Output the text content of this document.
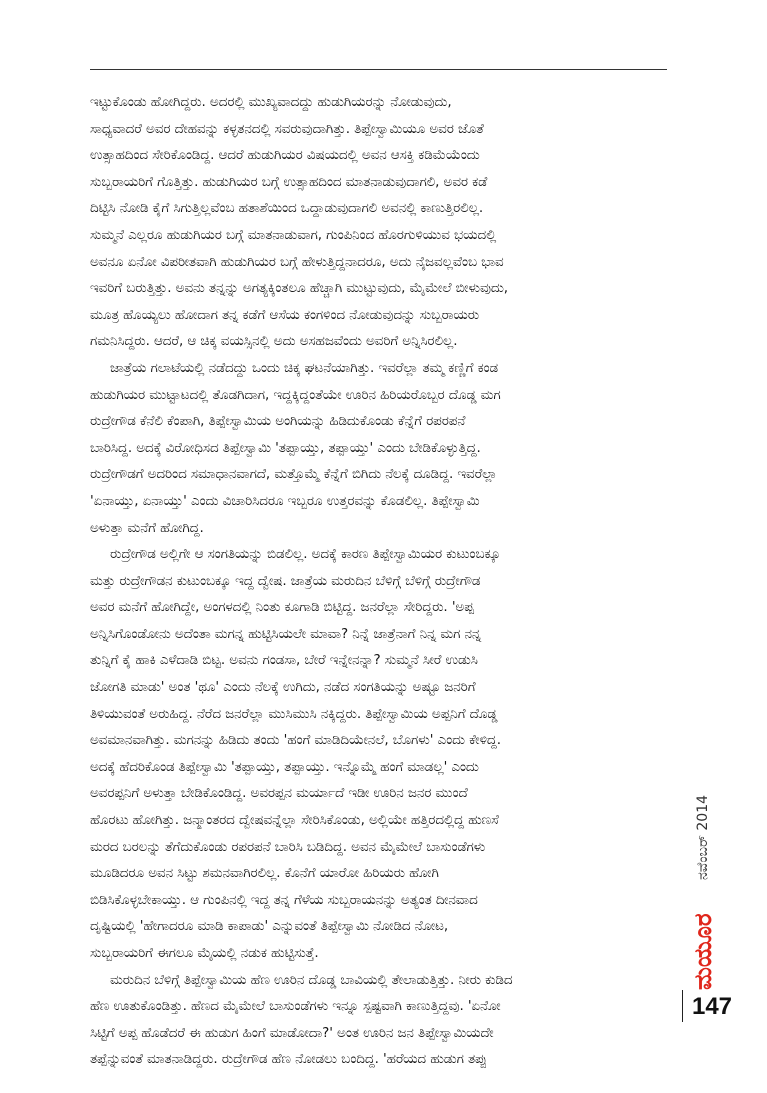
ಇಟ್ಟುಕೊಂಡು ಹೋಗಿದ್ದರು. ಅದರಲ್ಲಿ ಮುಖ್ಯವಾದದ್ದು ಹುಡುಗಿಯರನ್ನು ನೋಡುವುದು,
ಸಾಧ್ಯವಾದರೆ ಅವರ ದೇಹವನ್ನು ಕಳ್ಳತನದಲ್ಲಿ ಸವರುವುದಾಗಿತ್ತು. ತಿಪ್ಪೇಸ್ವಾಮಿಯೂ ಅವರ ಜೊತೆ
ಉತ್ಸಾಹದಿಂದ ಸೇರಿಕೊಂಡಿದ್ದ. ಆದರೆ ಹುಡುಗಿಯರ ವಿಷಯದಲ್ಲಿ ಅವನ ಆಸಕ್ತಿ ಕಡಿಮೆಯೆಂದು
ಸುಬ್ಬರಾಯರಿಗೆ ಗೊತ್ತಿತ್ತು. ಹುಡುಗಿಯರ ಬಗ್ಗೆ ಉತ್ಸಾಹದಿಂದ ಮಾತನಾಡುವುದಾಗಲಿ, ಅವರ ಕಡೆ
ದಿಟ್ಟಿಸಿ ನೋಡಿ ಕೈಗೆ ಸಿಗುತ್ತಿಲ್ಲವೆಂಬ ಹತಾಶೆಯಿಂದ ಒದ್ದಾಡುವುದಾಗಲಿ ಅವನಲ್ಲಿ ಕಾಣುತ್ತಿರಲಿಲ್ಲ.
ಸುಮ್ಮನೆ ಎಲ್ಲರೂ ಹುಡುಗಿಯರ ಬಗ್ಗೆ ಮಾತನಾಡುವಾಗ, ಗುಂಪಿನಿಂದ ಹೊರಗುಳಿಯುವ ಭಯದಲ್ಲಿ
ಅವನೂ ಏನೋ ವಿಪರೀತವಾಗಿ ಹುಡುಗಿಯರ ಬಗ್ಗೆ ಹೇಳುತ್ತಿದ್ದನಾದರೂ, ಅದು ನೈಜವಲ್ಲವೆಂಬ ಭಾವ
ಇವರಿಗೆ ಬರುತ್ತಿತ್ತು. ಅವನು ತನ್ನನ್ನು ಅಗತ್ಯಕ್ಕಿಂತಲೂ ಹೆಚ್ಚಾಗಿ ಮುಟ್ಟುವುದು, ಮೈಮೇಲೆ ಬೀಳುವುದು,
ಮೂತ್ರ ಹೊಯ್ಯಲು ಹೋದಾಗ ತನ್ನ ಕಡೆಗೆ ಆಸೆಯ ಕಂಗಳಿಂದ ನೋಡುವುದನ್ನು ಸುಬ್ಬರಾಯರು
ಗಮನಿಸಿದ್ದರು. ಆದರೆ, ಆ ಚಿಕ್ಕ ವಯಸ್ಸಿನಲ್ಲಿ ಅದು ಅಸಹಜವೆಂದು ಅವರಿಗೆ ಅನ್ನಿಸಿರಲಿಲ್ಲ.
ಜಾತ್ರೆಯ ಗಲಾಟೆಯಲ್ಲಿ ನಡೆದದ್ದು ಒಂದು ಚಿಕ್ಕ ಘಟನೆಯಾಗಿತ್ತು. ಇವರೆಲ್ಲಾ ತಮ್ಮ ಕಣ್ಣಿಗೆ ಕಂಡ
ಹುಡುಗಿಯರ ಮುಟ್ಟಾಟದಲ್ಲಿ ತೊಡಗಿದಾಗ, ಇದ್ದಕ್ಕಿದ್ದಂತೆಯೇ ಊರಿನ ಹಿರಿಯರೊಬ್ಬರ ದೊಡ್ಡ ಮಗ
ರುದ್ರೇಗೌಡ ಕೆನೆಲಿ ಕೆಂಪಾಗಿ, ತಿಪ್ಪೇಸ್ವಾಮಿಯ ಅಂಗಿಯನ್ನು ಹಿಡಿದುಕೊಂಡು ಕೆನ್ನೆಗೆ ರಪರಪನೆ
ಬಾರಿಸಿದ್ದ. ಅದಕ್ಕೆ ವಿರೋಧಿಸದ ತಿಪ್ಪೇಸ್ವಾಮಿ 'ತಪ್ಪಾಯ್ತು, ತಪ್ಪಾಯ್ತು' ಎಂದು ಬೇಡಿಕೊಳ್ಳುತ್ತಿದ್ದ.
ರುದ್ರೇಗೌಡಗೆ ಅದರಿಂದ ಸಮಾಧಾನವಾಗದೆ, ಮತ್ತೊಮ್ಮೆ ಕೆನ್ನೆಗೆ ಬಿಗಿದು ನೆಲಕ್ಕೆ ದೂಡಿದ್ದ. ಇವರೆಲ್ಲಾ
'ಏನಾಯ್ತು, ಏನಾಯ್ತು' ಎಂದು ವಿಚಾರಿಸಿದರೂ ಇಬ್ಬರೂ ಉತ್ತರವನ್ನು ಕೊಡಲಿಲ್ಲ. ತಿಪ್ಪೇಸ್ವಾಮಿ
ಅಳುತ್ತಾ ಮನೆಗೆ ಹೋಗಿದ್ದ.
ರುದ್ರೇಗೌಡ ಅಲ್ಲಿಗೇ ಆ ಸಂಗತಿಯನ್ನು ಬಿಡಲಿಲ್ಲ. ಅದಕ್ಕೆ ಕಾರಣ ತಿಪ್ಪೇಸ್ವಾಮಿಯರ ಕುಟುಂಬಕ್ಕೂ
ಮತ್ತು ರುದ್ರೇಗೌಡನ ಕುಟುಂಬಕ್ಕೂ ಇದ್ದ ದ್ವೇಷ. ಜಾತ್ರೆಯ ಮರುದಿನ ಬೆಳಿಗ್ಗೆ ಬೆಳಿಗ್ಗೆ ರುದ್ರೇಗೌಡ
ಅವರ ಮನೆಗೆ ಹೋಗಿದ್ದೇ, ಅಂಗಳದಲ್ಲಿ ನಿಂತು ಕೂಗಾಡಿ ಬಿಟ್ಟಿದ್ದ. ಜನರೆಲ್ಲಾ ಸೇರಿದ್ದರು. 'ಅಪ್ಪ
ಅನ್ನಿಸಿಗೊಂಡೋನು ಅದೆಂತಾ ಮಗನ್ನ ಹುಟ್ಟಿಸಿಯಲೇ ಮಾವಾ? ನಿನ್ನೆ ಜಾತ್ರೆನಾಗೆ ನಿನ್ನ ಮಗ ನನ್ನ
ತುನ್ನಿಗೆ ಕೈ ಹಾಕಿ ಎಳೆದಾಡಿ ಬಿಟ್ಟ. ಅವನು ಗಂಡಸಾ, ಬೇರೆ ಇನ್ನೇನನ್ನಾ? ಸುಮ್ಮನೆ ಸೀರೆ ಉಡುಸಿ
ಜೋಗತಿ ಮಾಡು' ಅಂತ 'ಥೂ' ಎಂದು ನೆಲಕ್ಕೆ ಉಗಿದು, ನಡೆದ ಸಂಗತಿಯನ್ನು ಅಷ್ಟೂ ಜನರಿಗೆ
ತಿಳಿಯುವಂತೆ ಅರುಹಿದ್ದ. ನೆರೆದ ಜನರೆಲ್ಲಾ ಮುಸಿಮುಸಿ ನಕ್ಕಿದ್ದರು. ತಿಪ್ಪೇಸ್ವಾಮಿಯ ಅಪ್ಪನಿಗೆ ದೊಡ್ಡ
ಅವಮಾನವಾಗಿತ್ತು. ಮಗನನ್ನು ಹಿಡಿದು ತಂದು 'ಹಂಗೆ ಮಾಡಿದಿಯೇನಲೆ, ಬೊಗಳು' ಎಂದು ಕೇಳಿದ್ದ.
ಅದಕ್ಕೆ ಹೆದರಿಕೊಂಡ ತಿಪ್ಪೇಸ್ವಾಮಿ 'ತಪ್ಪಾಯ್ತು, ತಪ್ಪಾಯ್ತು. ಇನ್ನೊಮ್ಮೆ ಹಂಗೆ ಮಾಡಲ್ಲ' ಎಂದು
ಅವರಪ್ಪನಿಗೆ ಅಳುತ್ತಾ ಬೇಡಿಕೊಂಡಿದ್ದ. ಅವರಪ್ಪನ ಮರ್ಯಾದೆ ಇಡೀ ಊರಿನ ಜನರ ಮುಂದೆ
ಹೊರಟು ಹೋಗಿತ್ತು. ಜನ್ಮಾಂತರದ ದ್ವೇಷವನ್ನೆಲ್ಲಾ ಸೇರಿಸಿಕೊಂಡು, ಅಲ್ಲಿಯೇ ಹತ್ತಿರದಲ್ಲಿದ್ದ ಹುಣಸೆ
ಮರದ ಬರಲನ್ನು ತೆಗೆದುಕೊಂಡು ರಪರಪನೆ ಬಾರಿಸಿ ಬಡಿದಿದ್ದ. ಅವನ ಮೈಮೇಲೆ ಬಾಸುಂಡೆಗಳು
ಮೂಡಿದರೂ ಅವನ ಸಿಟ್ಟು ಶಮನವಾಗಿರಲಿಲ್ಲ. ಕೊನೆಗೆ ಯಾರೋ ಹಿರಿಯರು ಹೋಗಿ
ಬಿಡಿಸಿಕೊಳ್ಳಬೇಕಾಯ್ತು. ಆ ಗುಂಪಿನಲ್ಲಿ ಇದ್ದ ತನ್ನ ಗೆಳೆಯ ಸುಬ್ಬರಾಯನನ್ನು ಅತ್ಯಂತ ದೀನವಾದ
ದೃಷ್ಟಿಯಲ್ಲಿ 'ಹೇಗಾದರೂ ಮಾಡಿ ಕಾಪಾಡು' ಎನ್ನುವಂತೆ ತಿಪ್ಪೇಸ್ವಾಮಿ ನೋಡಿದ ನೋಟ,
ಸುಬ್ಬರಾಯರಿಗೆ ಈಗಲೂ ಮೈಯಲ್ಲಿ ನಡುಕ ಹುಟ್ಟಿಸುತ್ತೆ.
ಮರುದಿನ ಬೆಳಿಗ್ಗೆ ತಿಪ್ಪೇಸ್ವಾಮಿಯ ಹೆಣ ಊರಿನ ದೊಡ್ಡ ಬಾವಿಯಲ್ಲಿ ತೇಲಾಡುತ್ತಿತ್ತು. ನೀರು ಕುಡಿದ
ಹೆಣ ಊತುಕೊಂಡಿತ್ತು. ಹೆಣದ ಮೈಮೇಲೆ ಬಾಸುಂಡೆಗಳು ಇನ್ನೂ ಸ್ಪಷ್ಟವಾಗಿ ಕಾಣುತ್ತಿದ್ದವು. 'ಏನೋ
ಸಿಟ್ಟಿಗೆ ಅಪ್ಪ ಹೊಡೆದರೆ ಈ ಹುಡುಗ ಹಿಂಗೆ ಮಾಡೋದಾ?' ಅಂತ ಊರಿನ ಜನ ತಿಪ್ಪೇಸ್ವಾಮಿಯದೇ
ತಪ್ಪೆನ್ನುವಂತೆ ಮಾತನಾಡಿದ್ದರು. ರುದ್ರೇಗೌಡ ಹೆಣ ನೋಡಲು ಬಂದಿದ್ದ. 'ಹರೆಯದ ಹುಡುಗ ತಪ್ಪು
ನವೆಂಬರ್ 2014
ಮಯೂರ
147
